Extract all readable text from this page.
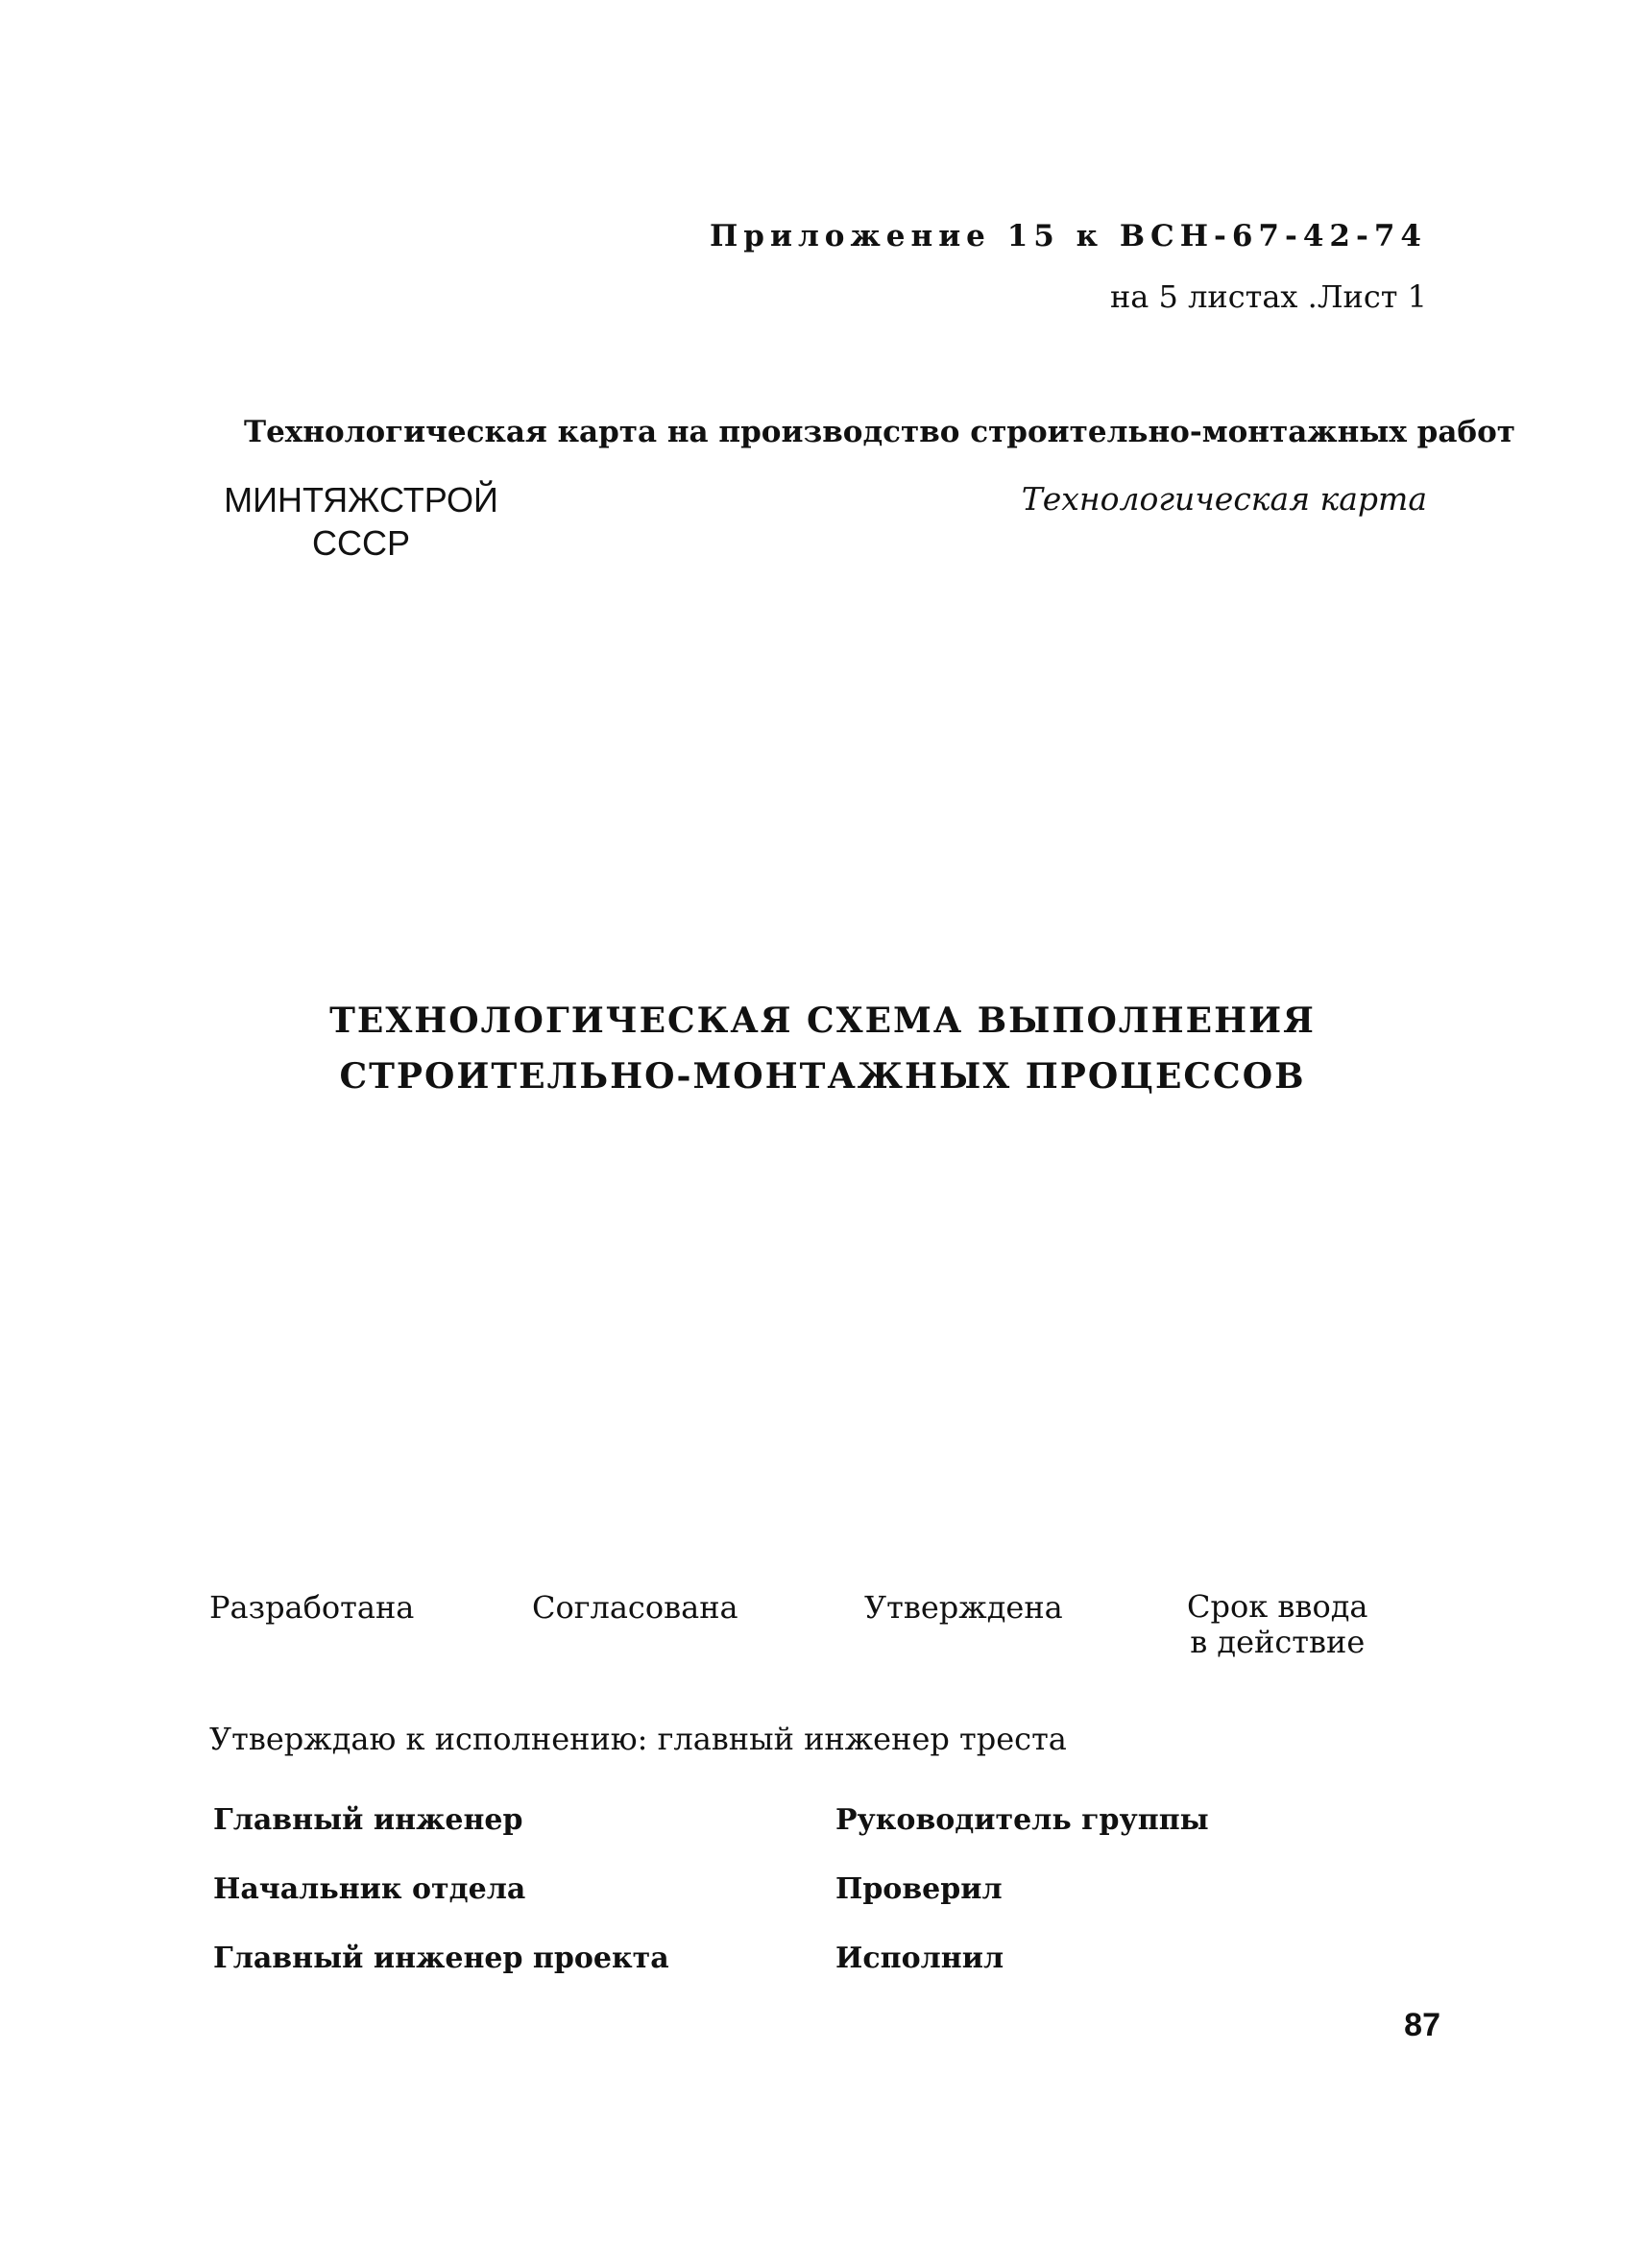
Приложение 15 к ВСН-67-42-74
на 5 листах .Лист 1
Технологическая карта на производство строительно-монтажных работ
МИНТЯЖСТРОЙ
СССР
Технологическая карта
ТЕХНОЛОГИЧЕСКАЯ СХЕМА ВЫПОЛНЕНИЯ
СТРОИТЕЛЬНО-МОНТАЖНЫХ ПРОЦЕССОВ
Разработана	Согласована	Утверждена	Срок ввода
в действие
Утверждаю к исполнению: главный инженер треста
Главный инженер	Руководитель группы
Начальник отдела	Проверил
Главный инженер проекта	Исполнил
87
